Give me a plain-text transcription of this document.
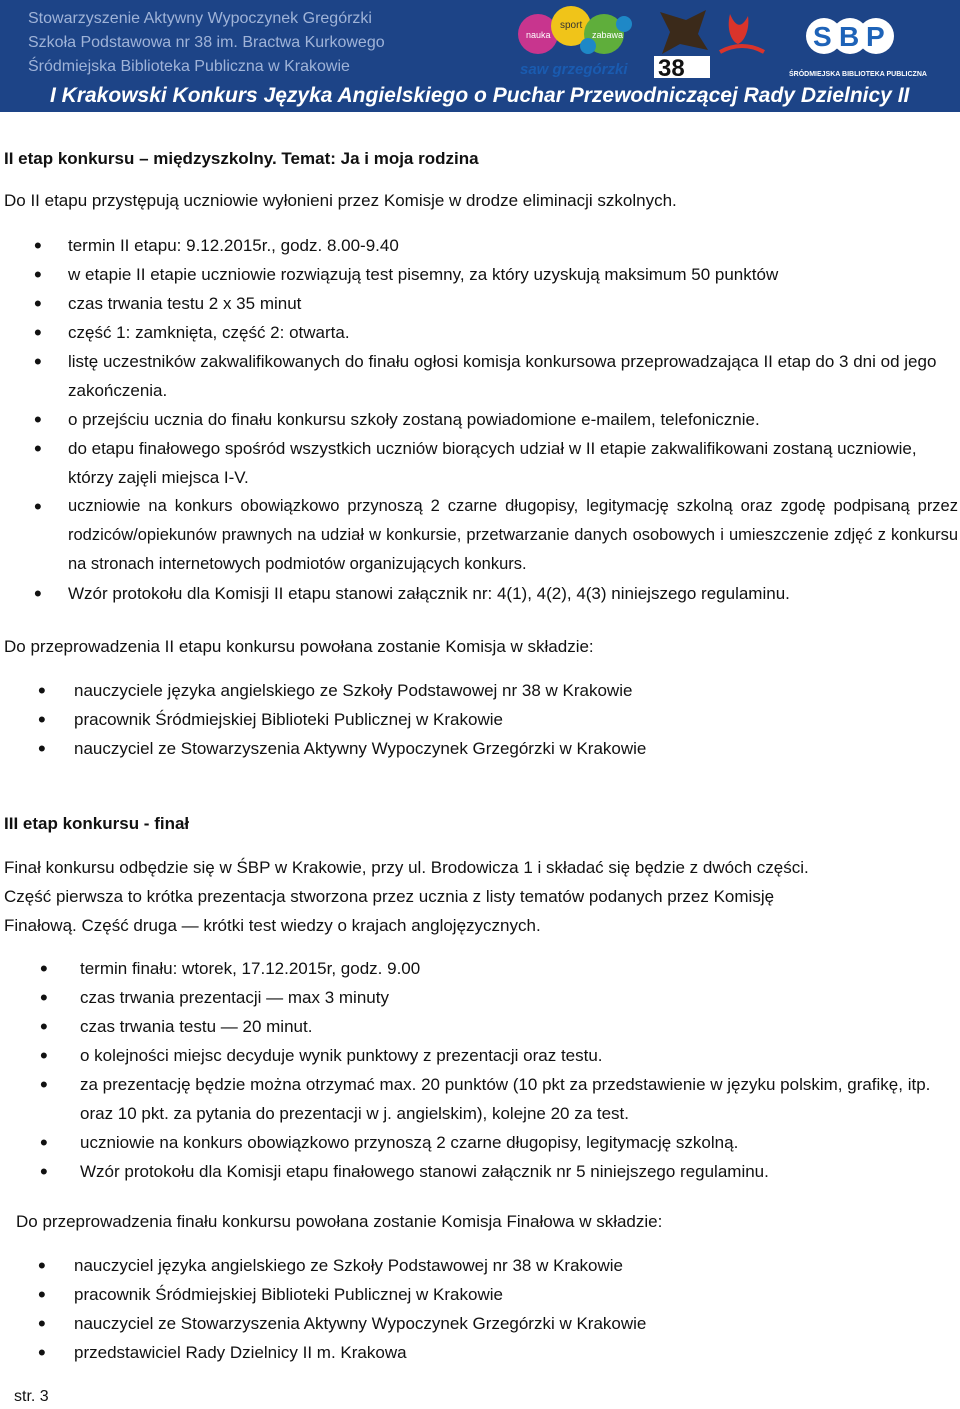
Stowarzyszenie Aktywny Wypoczynek Gregórzki
Szkoła Podstawowa nr 38 im. Bractwa Kurkowego
Śródmiejska Biblioteka Publiczna w Krakowie
nauka
sport
zabawa
saw grzegórzki 38
S B P
ŚRÓDMIEJSKA BIBLIOTEKA PUBLICZNA
I Krakowski Konkurs Języka Angielskiego o Puchar Przewodniczącej Rady Dzielnicy II
II etap konkursu – międzyszkolny. Temat: Ja i moja rodzina
Do II etapu przystępują uczniowie wyłonieni przez Komisje w drodze eliminacji szkolnych.
• termin II etapu: 9.12.2015r., godz. 8.00-9.40
• w etapie II etapie uczniowie rozwiązują test pisemny, za który uzyskują maksimum 50 punktów
• czas trwania testu 2 x 35 minut
• część 1: zamknięta, część 2: otwarta.
• listę uczestników zakwalifikowanych do finału ogłosi komisja konkursowa przeprowadzająca II etap do 3 dni od jego zakończenia.
• o przejściu ucznia do finału konkursu szkoły zostaną powiadomione e-mailem, telefonicznie.
• do etapu finałowego spośród wszystkich uczniów biorących udział w II etapie zakwalifikowani zostaną uczniowie, którzy zajęli miejsca I-V.
• uczniowie na konkurs obowiązkowo przynoszą 2 czarne długopisy, legitymację szkolną oraz zgodę podpisaną przez rodziców/opiekunów prawnych na udział w konkursie, przetwarzanie danych osobowych i umieszczenie zdjęć z konkursu na stronach internetowych podmiotów organizujących konkurs.
• Wzór protokołu dla Komisji II etapu stanowi załącznik nr: 4(1), 4(2), 4(3) niniejszego regulaminu.
Do przeprowadzenia II etapu konkursu powołana zostanie Komisja w składzie:
• nauczyciele języka angielskiego ze Szkoły Podstawowej nr 38 w Krakowie
• pracownik Śródmiejskiej Biblioteki Publicznej w Krakowie
• nauczyciel ze Stowarzyszenia Aktywny Wypoczynek Grzegórzki w Krakowie
III etap konkursu - finał
Finał konkursu odbędzie się w ŚBP w Krakowie, przy ul. Brodowicza 1 i składać się będzie z dwóch części.
Część pierwsza to krótka prezentacja stworzona przez ucznia z listy tematów podanych przez Komisję
Finałową. Część druga — krótki test wiedzy o krajach anglojęzycznych.
• termin finału: wtorek, 17.12.2015r, godz. 9.00
• czas trwania prezentacji — max 3 minuty
• czas trwania testu — 20 minut.
• o kolejności miejsc decyduje wynik punktowy z prezentacji oraz testu.
• za prezentację będzie można otrzymać max. 20 punktów (10 pkt za przedstawienie w języku polskim, grafikę, itp. oraz 10 pkt. za pytania do prezentacji w j. angielskim), kolejne 20 za test.
• uczniowie na konkurs obowiązkowo przynoszą 2 czarne długopisy, legitymację szkolną.
• Wzór protokołu dla Komisji etapu finałowego stanowi załącznik nr 5 niniejszego regulaminu.
Do przeprowadzenia finału konkursu powołana zostanie Komisja Finałowa w składzie:
• nauczyciel języka angielskiego ze Szkoły Podstawowej nr 38 w Krakowie
• pracownik Śródmiejskiej Biblioteki Publicznej w Krakowie
• nauczyciel ze Stowarzyszenia Aktywny Wypoczynek Grzegórzki w Krakowie
• przedstawiciel Rady Dzielnicy II m. Krakowa
str. 3
